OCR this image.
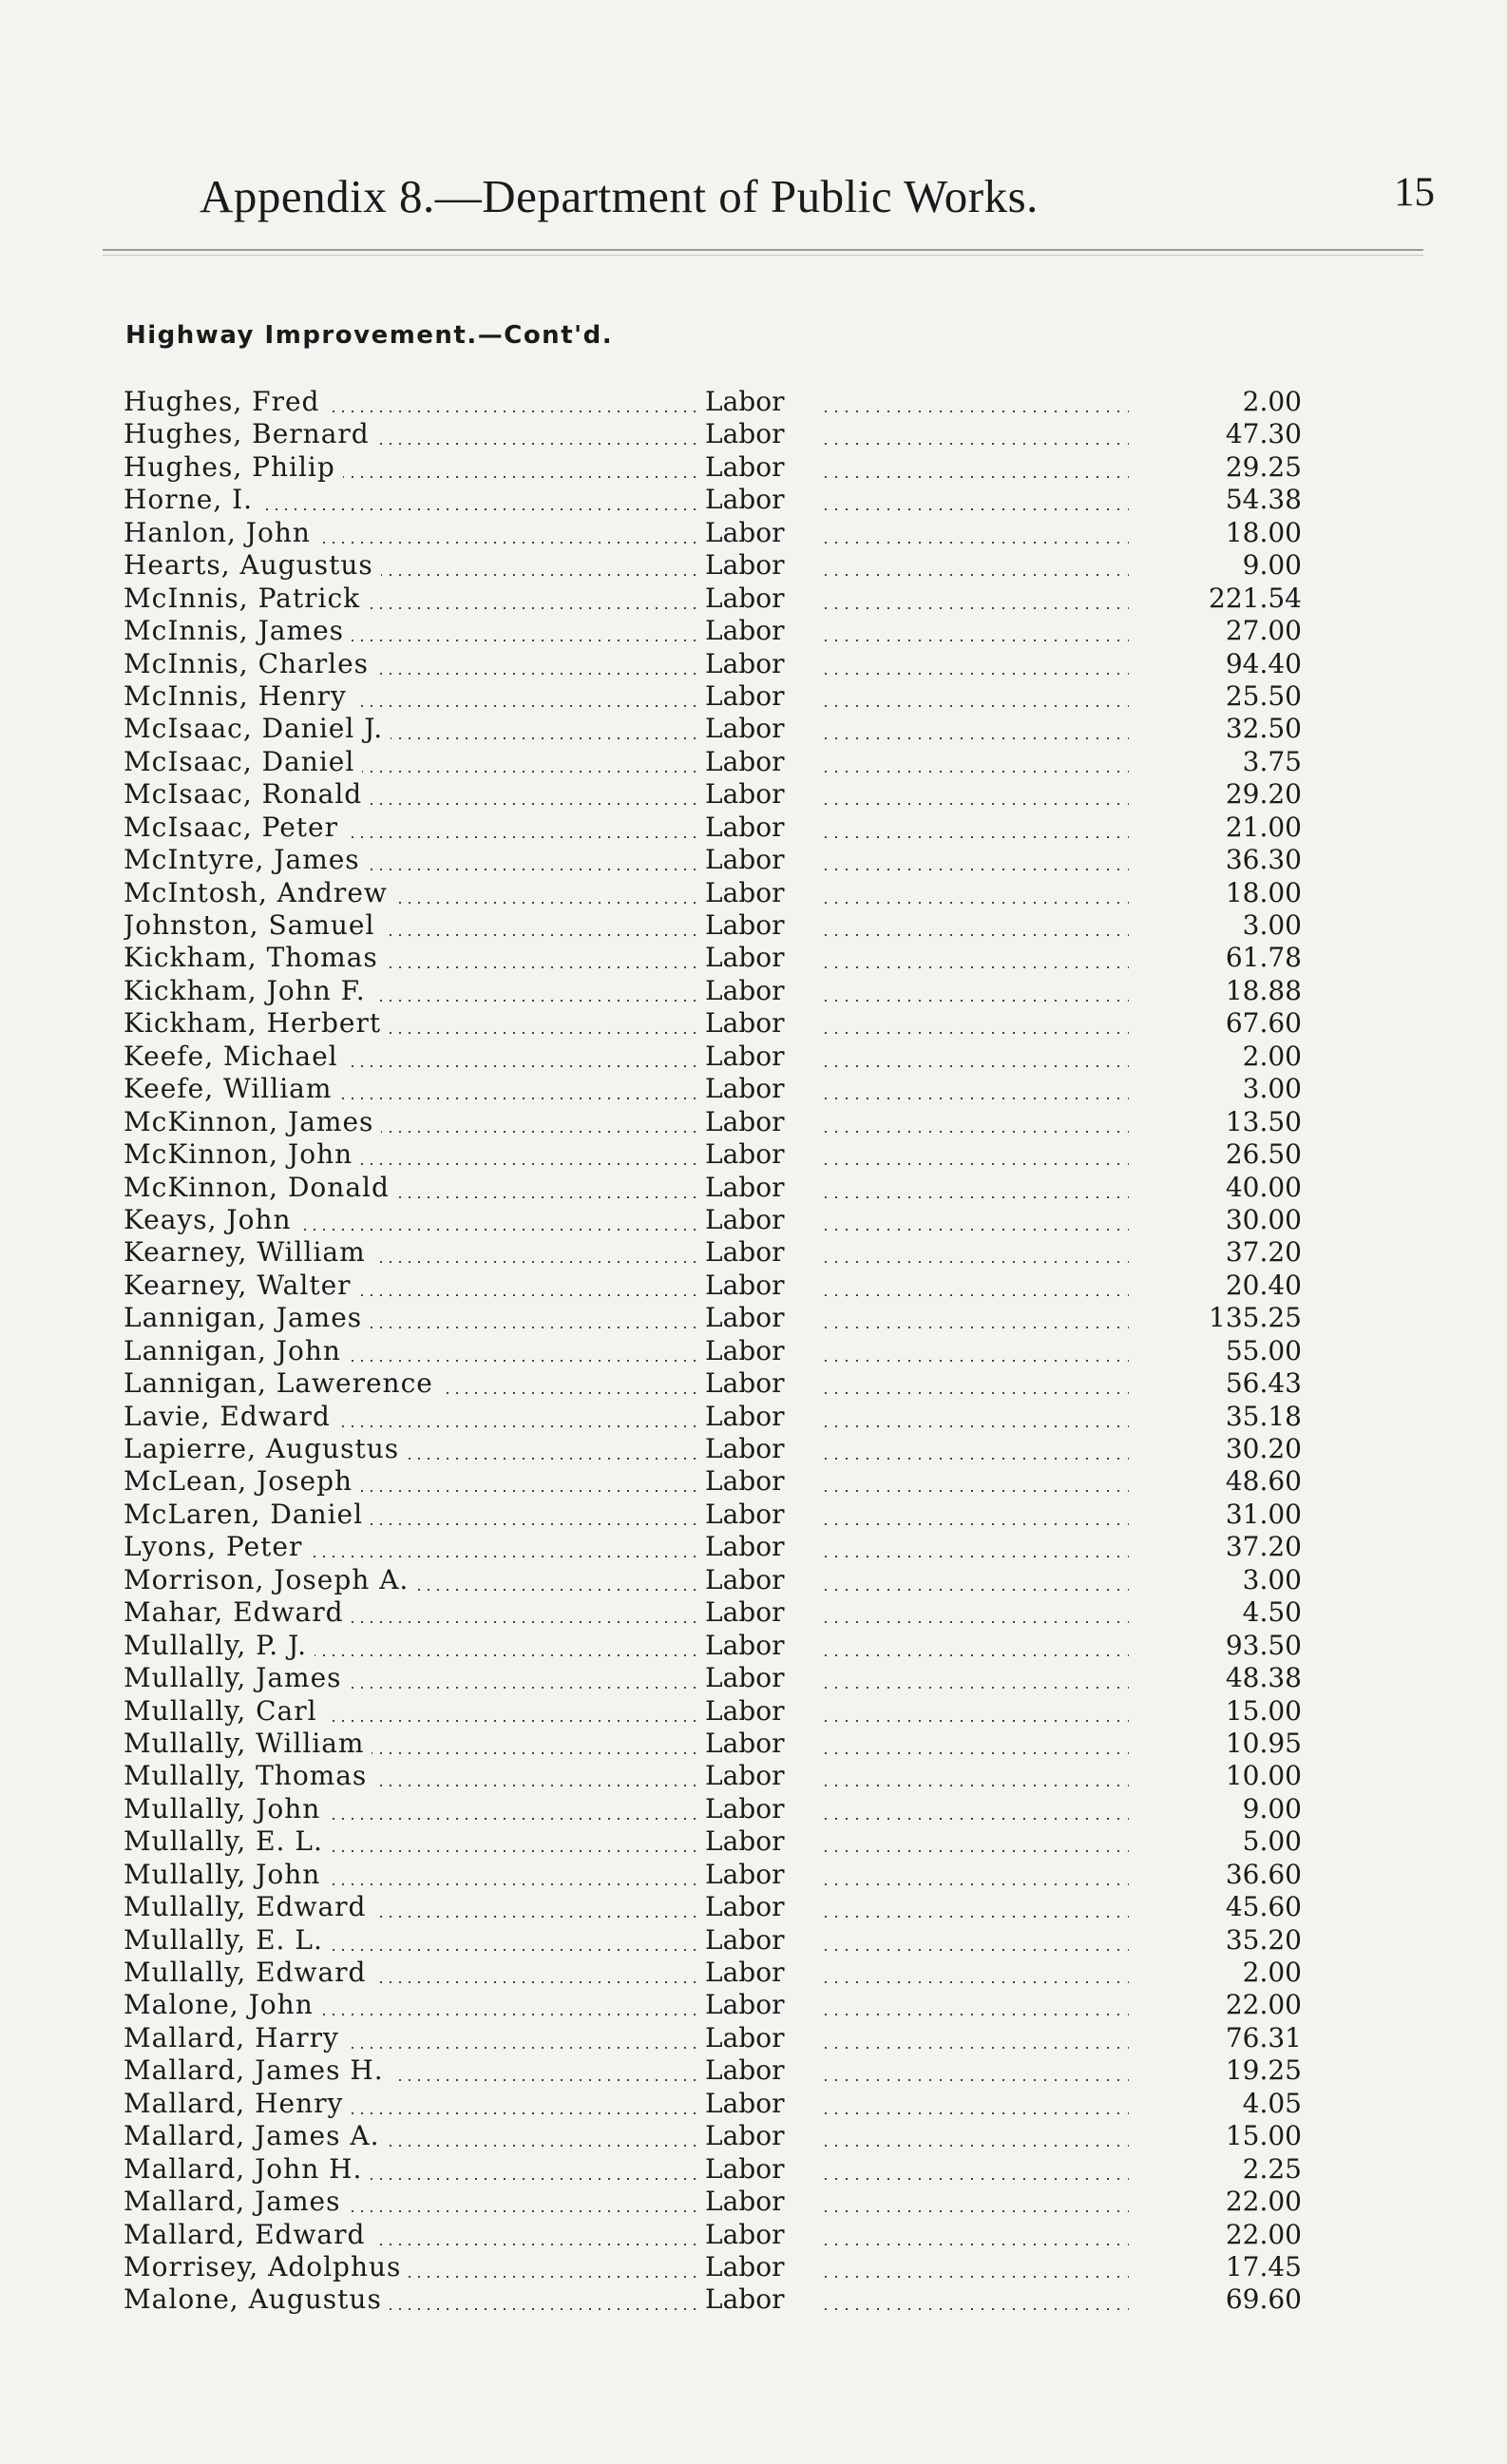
Appendix 8.—Department of Public Works.	15
Highway Improvement.—Cont'd.
Hughes, Fred	Labor	2.00
Hughes, Bernard	Labor	47.30
Hughes, Philip	Labor	29.25
Horne, I.	Labor	54.38
Hanlon, John	Labor	18.00
Hearts, Augustus	Labor	9.00
McInnis, Patrick	Labor	221.54
McInnis, James	Labor	27.00
McInnis, Charles	Labor	94.40
McInnis, Henry	Labor	25.50
McIsaac, Daniel J.	Labor	32.50
McIsaac, Daniel	Labor	3.75
McIsaac, Ronald	Labor	29.20
McIsaac, Peter	Labor	21.00
McIntyre, James	Labor	36.30
McIntosh, Andrew	Labor	18.00
Johnston, Samuel	Labor	3.00
Kickham, Thomas	Labor	61.78
Kickham, John F.	Labor	18.88
Kickham, Herbert	Labor	67.60
Keefe, Michael	Labor	2.00
Keefe, William	Labor	3.00
McKinnon, James	Labor	13.50
McKinnon, John	Labor	26.50
McKinnon, Donald	Labor	40.00
Keays, John	Labor	30.00
Kearney, William	Labor	37.20
Kearney, Walter	Labor	20.40
Lannigan, James	Labor	135.25
Lannigan, John	Labor	55.00
Lannigan, Lawerence	Labor	56.43
Lavie, Edward	Labor	35.18
Lapierre, Augustus	Labor	30.20
McLean, Joseph	Labor	48.60
McLaren, Daniel	Labor	31.00
Lyons, Peter	Labor	37.20
Morrison, Joseph A.	Labor	3.00
Mahar, Edward	Labor	4.50
Mullally, P. J.	Labor	93.50
Mullally, James	Labor	48.38
Mullally, Carl	Labor	15.00
Mullally, William	Labor	10.95
Mullally, Thomas	Labor	10.00
Mullally, John	Labor	9.00
Mullally, E. L.	Labor	5.00
Mullally, John	Labor	36.60
Mullally, Edward	Labor	45.60
Mullally, E. L.	Labor	35.20
Mullally, Edward	Labor	2.00
Malone, John	Labor	22.00
Mallard, Harry	Labor	76.31
Mallard, James H.	Labor	19.25
Mallard, Henry	Labor	4.05
Mallard, James A.	Labor	15.00
Mallard, John H.	Labor	2.25
Mallard, James	Labor	22.00
Mallard, Edward	Labor	22.00
Morrisey, Adolphus	Labor	17.45
Malone, Augustus	Labor	69.60
